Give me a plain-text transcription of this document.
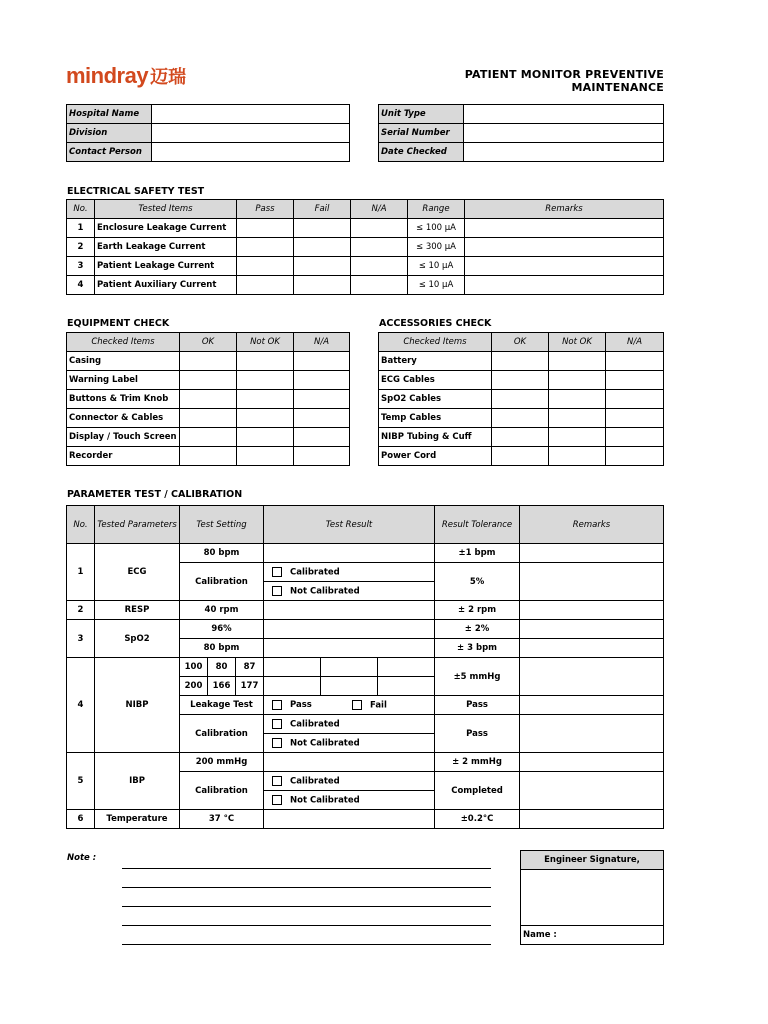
mindray 迈瑞	PATIENT MONITOR PREVENTIVE MAINTENANCE
Hospital Name	
Division	
Contact Person	
Unit Type	
Serial Number	
Date Checked	
ELECTRICAL SAFETY TEST
No.	Tested Items	Pass	Fail	N/A	Range	Remarks
1	Enclosure Leakage Current				≤ 100 μA	
2	Earth Leakage Current				≤ 300 μA	
3	Patient Leakage Current				≤ 10 μA	
4	Patient Auxiliary Current				≤ 10 μA	
EQUIPMENT CHECK
Checked Items	OK	Not OK	N/A
Casing			
Warning Label			
Buttons & Trim Knob			
Connector & Cables			
Display / Touch Screen			
Recorder			
ACCESSORIES CHECK
Checked Items	OK	Not OK	N/A
Battery			
ECG Cables			
SpO2 Cables			
Temp Cables			
NIBP Tubing & Cuff			
Power Cord			
PARAMETER TEST / CALIBRATION
No.	Tested Parameters	Test Setting			Test Result			Result Tolerance	Remarks
1	ECG	80 bpm						±1 bpm	
		Calibration			Calibrated			5%	
					Not Calibrated				
2	RESP	40 rpm						± 2 rpm	
3	SpO2	96%						± 2%	
		80 bpm						± 3 bpm	
4	NIBP	100	80	87				±5 mmHg	
		200	166	177					
		Leakage Test			Pass Fail			Pass	
		Calibration			Calibrated			Pass	
					Not Calibrated				
5	IBP	200 mmHg						± 2 mmHg	
		Calibration			Calibrated			Completed	
					Not Calibrated				
6	Temperature	37 °C						±0.2°C	
Note :	Engineer Signature,

Name :
